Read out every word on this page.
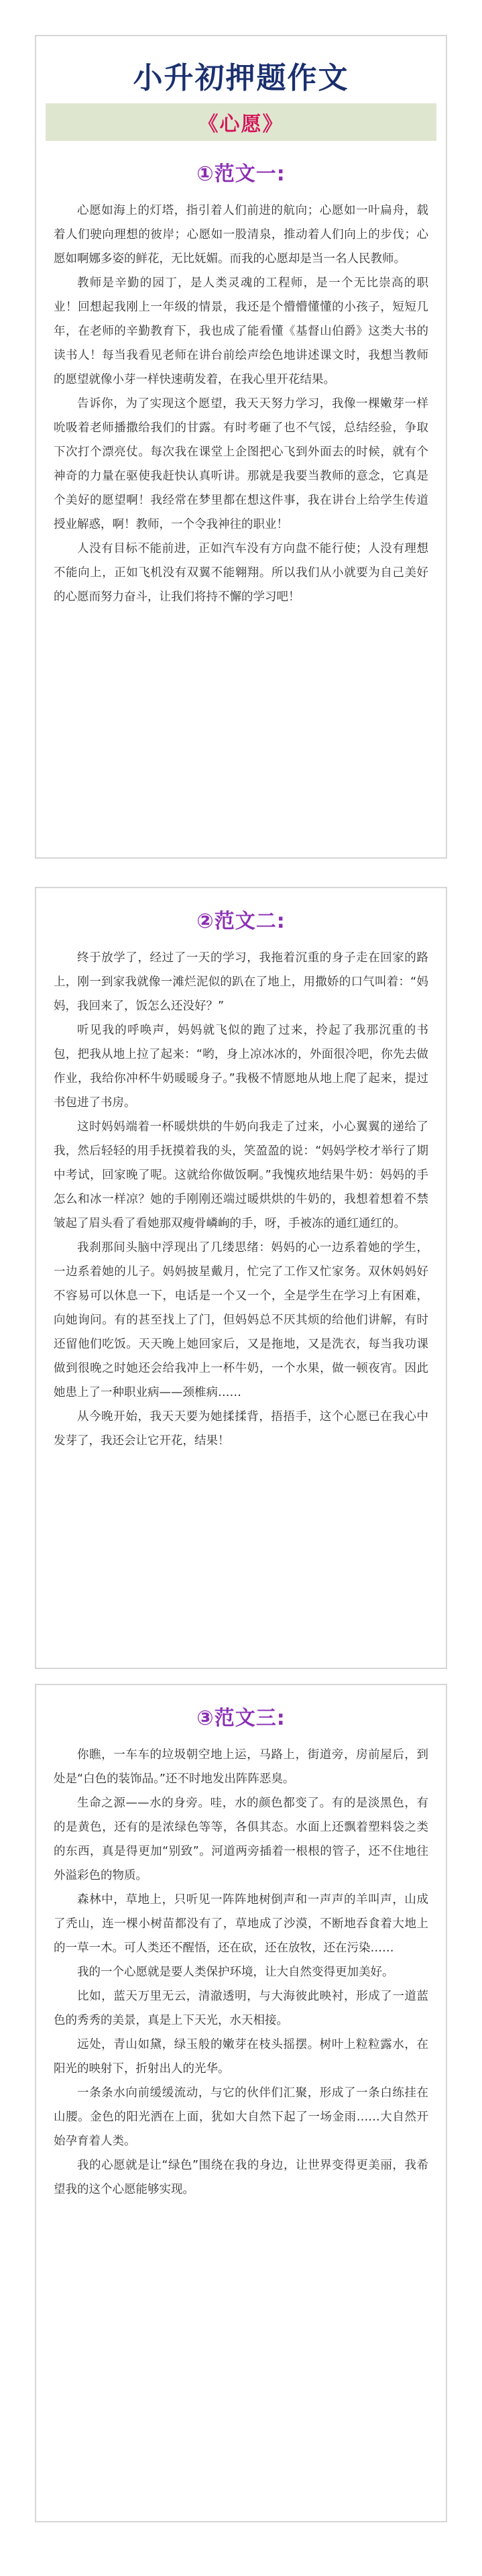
小升初押题作文
《心愿》
①范文一:

心愿如海上的灯塔，指引着人们前进的航向；心愿如一叶扁舟，载着人们驶向理想的彼岸；心愿如一股清泉，推动着人们向上的步伐；心愿如啊娜多姿的鲜花，无比妩媚。而我的心愿却是当一名人民教师。

教师是辛勤的园丁，是人类灵魂的工程师，是一个无比崇高的职业！回想起我刚上一年级的情景，我还是个懵懵懂懂的小孩子，短短几年，在老师的辛勤教育下，我也成了能看懂《基督山伯爵》这类大书的读书人！每当我看见老师在讲台前绘声绘色地讲述课文时，我想当教师的愿望就像小芽一样快速萌发着，在我心里开花结果。

告诉你，为了实现这个愿望，我天天努力学习，我像一棵嫩芽一样吮吸着老师播撒给我们的甘露。有时考砸了也不气馁，总结经验，争取下次打个漂亮仗。每次我在课堂上企图把心飞到外面去的时候，就有个神奇的力量在驱使我赶快认真听讲。那就是我要当教师的意念，它真是个美好的愿望啊！我经常在梦里都在想这件事，我在讲台上给学生传道授业解惑，啊！教师，一个令我神往的职业！

人没有目标不能前进，正如汽车没有方向盘不能行使；人没有理想不能向上，正如飞机没有双翼不能翱翔。所以我们从小就要为自己美好的心愿而努力奋斗，让我们将持不懈的学习吧！

②范文二:

终于放学了，经过了一天的学习，我拖着沉重的身子走在回家的路上，刚一到家我就像一滩烂泥似的趴在了地上，用撒娇的口气叫着：“妈妈，我回来了，饭怎么还没好？”

听见我的呼唤声，妈妈就飞似的跑了过来，拎起了我那沉重的书包，把我从地上拉了起来：“哟，身上凉冰冰的，外面很冷吧，你先去做作业，我给你冲杯牛奶暖暖身子。”我极不情愿地从地上爬了起来，提过书包进了书房。

这时妈妈端着一杯暖烘烘的牛奶向我走了过来，小心翼翼的递给了我，然后轻轻的用手抚摸着我的头，笑盈盈的说：“妈妈学校才举行了期中考试，回家晚了呢。这就给你做饭啊。”我愧疚地结果牛奶：妈妈的手怎么和冰一样凉？她的手刚刚还端过暖烘烘的牛奶的，我想着想着不禁皱起了眉头看了看她那双瘦骨嶙峋的手，呀，手被冻的通红通红的。

我刹那间头脑中浮现出了几缕思绪：妈妈的心一边系着她的学生，一边系着她的儿子。妈妈披星戴月，忙完了工作又忙家务。双休妈妈好不容易可以休息一下，电话是一个又一个，全是学生在学习上有困难，向她询问。有的甚至找上了门，但妈妈总不厌其烦的给他们讲解，有时还留他们吃饭。天天晚上她回家后，又是拖地，又是洗衣，每当我功课做到很晚之时她还会给我冲上一杯牛奶，一个水果，做一顿夜宵。因此她患上了一种职业病——颈椎病……

从今晚开始，我天天要为她揉揉背，捂捂手，这个心愿已在我心中发芽了，我还会让它开花，结果！

③范文三:

你瞧，一车车的垃圾朝空地上运，马路上，街道旁，房前屋后，到处是“白色的装饰品。”还不时地发出阵阵恶臭。

生命之源——水的身旁。哇，水的颜色都变了。有的是淡黑色，有的是黄色，还有的是浓绿色等等，各俱其态。水面上还飘着塑料袋之类的东西，真是得更加“别致”。河道两旁插着一根根的管子，还不住地往外溢彩色的物质。

森林中，草地上，只听见一阵阵地树倒声和一声声的羊叫声，山成了秃山，连一棵小树苗都没有了，草地成了沙漠，不断地吞食着大地上的一草一木。可人类还不醒悟，还在砍，还在放牧，还在污染……

我的一个心愿就是要人类保护环境，让大自然变得更加美好。

比如，蓝天万里无云，清澈透明，与大海彼此映衬，形成了一道蓝色的秀秀的美景，真是上下天光，水天相接。

远处，青山如黛，绿玉般的嫩芽在枝头摇摆。树叶上粒粒露水，在阳光的映射下，折射出人的光华。

一条条水向前缓缓流动，与它的伙伴们汇聚，形成了一条白练挂在山腰。金色的阳光洒在上面，犹如大自然下起了一场金雨……大自然开始孕育着人类。

我的心愿就是让“绿色”围绕在我的身边，让世界变得更美丽，我希望我的这个心愿能够实现。
